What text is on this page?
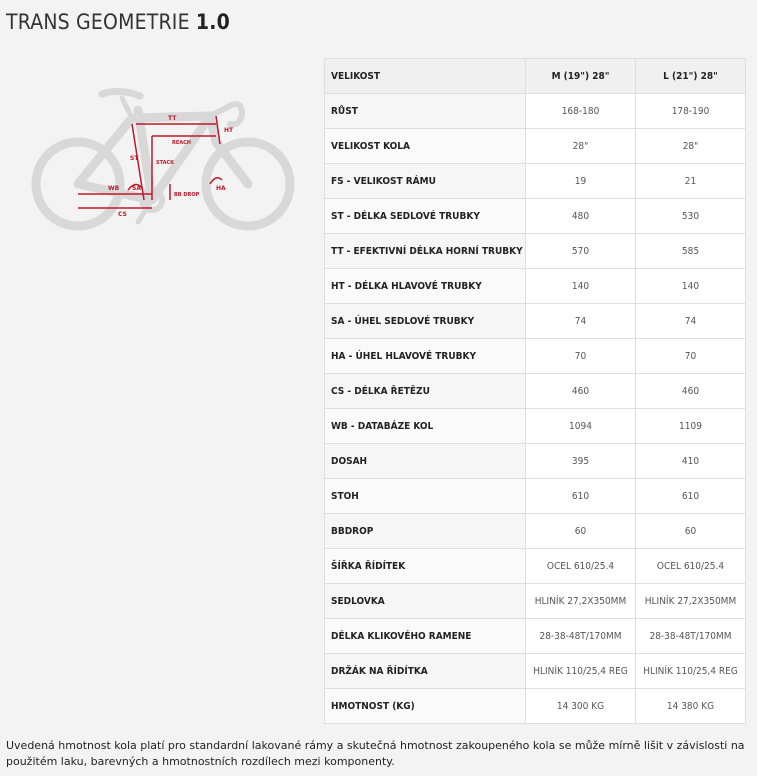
TRANS GEOMETRIE 1.0
TT
HT
REACH
ST
STACK
WB SA	HA
BB DROP
CS
VELIKOST	M (19") 28"	L (21") 28"
RŮST	168-180	178-190
VELIKOST KOLA	28"	28"
FS - VELIKOST RÁMU	19	21
ST - DÉLKA SEDLOVÉ TRUBKY	480	530
TT - EFEKTIVNÍ DÉLKA HORNÍ TRUBKY	570	585
HT - DÉLKA HLAVOVÉ TRUBKY	140	140
SA - ÚHEL SEDLOVÉ TRUBKY	74	74
HA - ÚHEL HLAVOVÉ TRUBKY	70	70
CS - DÉLKA ŘETĚZU	460	460
WB - DATABÁZE KOL	1094	1109
DOSAH	395	410
STOH	610	610
BBDROP	60	60
ŠÍŘKA ŘÍDÍTEK	OCEL 610/25.4	OCEL 610/25.4
SEDLOVKA	HLINÍK 27,2X350MM	HLINÍK 27,2X350MM
DÉLKA KLIKOVÉHO RAMENE	28-38-48T/170MM	28-38-48T/170MM
DRŽÁK NA ŘÍDÍTKA	HLINÍK 110/25,4 REG	HLINÍK 110/25,4 REG
HMOTNOST (KG)	14 300 KG	14 380 KG
Uvedená hmotnost kola platí pro standardní lakované rámy a skutečná hmotnost zakoupeného kola se může mírně lišit v závislosti na použitém laku, barevných a hmotnostních rozdílech mezi komponenty.
